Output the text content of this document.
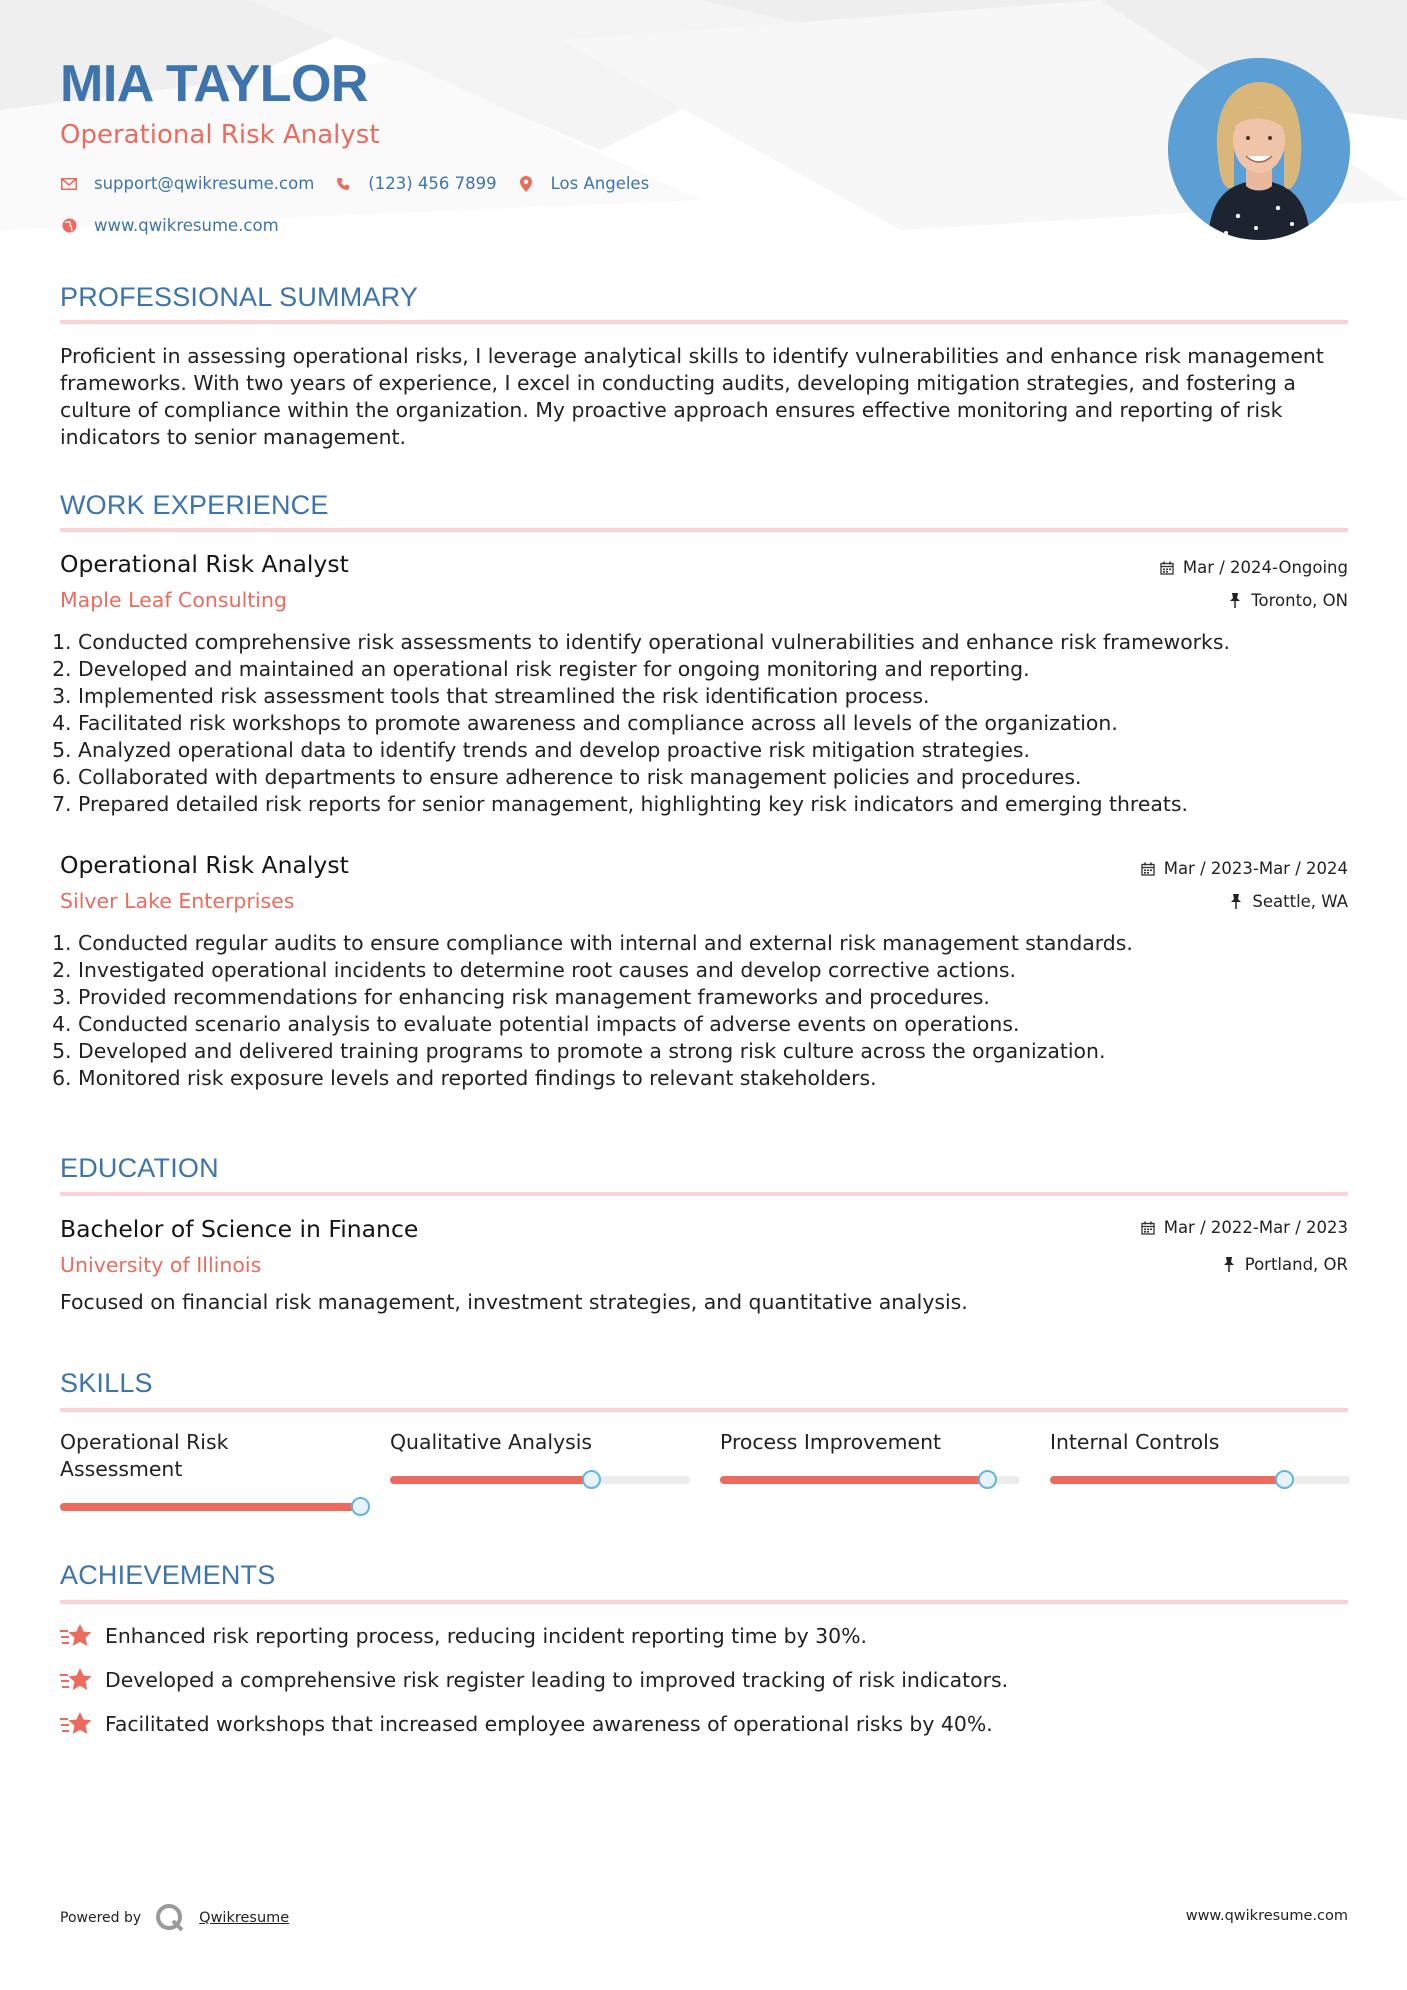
MIA TAYLOR
Operational Risk Analyst
support@qwikresume.com	(123) 456 7899	Los Angeles
www.qwikresume.com
PROFESSIONAL SUMMARY
Proficient in assessing operational risks, I leverage analytical skills to identify vulnerabilities and enhance risk management frameworks. With two years of experience, I excel in conducting audits, developing mitigation strategies, and fostering a culture of compliance within the organization. My proactive approach ensures effective monitoring and reporting of risk indicators to senior management.
WORK EXPERIENCE
Operational Risk Analyst
Maple Leaf Consulting
Mar / 2024-Ongoing
Toronto, ON
1. Conducted comprehensive risk assessments to identify operational vulnerabilities and enhance risk frameworks.
2. Developed and maintained an operational risk register for ongoing monitoring and reporting.
3. Implemented risk assessment tools that streamlined the risk identification process.
4. Facilitated risk workshops to promote awareness and compliance across all levels of the organization.
5. Analyzed operational data to identify trends and develop proactive risk mitigation strategies.
6. Collaborated with departments to ensure adherence to risk management policies and procedures.
7. Prepared detailed risk reports for senior management, highlighting key risk indicators and emerging threats.
Operational Risk Analyst
Silver Lake Enterprises
Mar / 2023-Mar / 2024
Seattle, WA
1. Conducted regular audits to ensure compliance with internal and external risk management standards.
2. Investigated operational incidents to determine root causes and develop corrective actions.
3. Provided recommendations for enhancing risk management frameworks and procedures.
4. Conducted scenario analysis to evaluate potential impacts of adverse events on operations.
5. Developed and delivered training programs to promote a strong risk culture across the organization.
6. Monitored risk exposure levels and reported findings to relevant stakeholders.
EDUCATION
Bachelor of Science in Finance
University of Illinois
Mar / 2022-Mar / 2023
Portland, OR
Focused on financial risk management, investment strategies, and quantitative analysis.
SKILLS
Operational Risk Assessment
Qualitative Analysis	Process Improvement	Internal Controls
ACHIEVEMENTS
Enhanced risk reporting process, reducing incident reporting time by 30%.
Developed a comprehensive risk register leading to improved tracking of risk indicators.
Facilitated workshops that increased employee awareness of operational risks by 40%.
Powered by	Qwikresume	www.qwikresume.com
